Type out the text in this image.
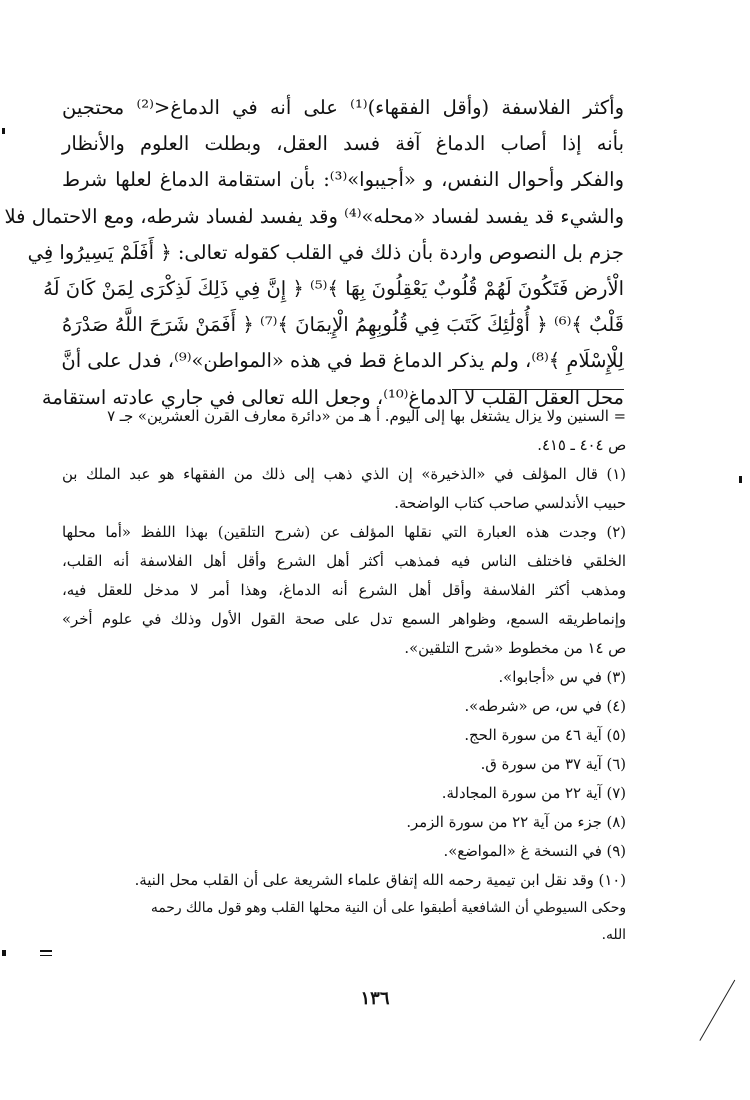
وأكثر الفلاسفة (وأقل الفقهاء)⁽¹⁾ على أنه في الدماغ<⁽²⁾ محتجين
بأنه إذا أصاب الدماغ آفة فسد العقل، وبطلت العلوم والأنظار
والفكر وأحوال النفس، و «أجيبوا»⁽³⁾: بأن استقامة الدماغ لعلها شرط
والشيء قد يفسد لفساد «محله»⁽⁴⁾ وقد يفسد لفساد شرطه، ومع الاحتمال فلا
جزم بل النصوص واردة بأن ذلك في القلب كقوله تعالى: ﴿ أَفَلَمْ يَسِيرُوا فِي
الْأرض فَتَكُونَ لَهُمْ قُلُوبٌ يَعْقِلُونَ بِهَا ﴾⁽⁵⁾ ﴿ إِنَّ فِي ذَلِكَ لَذِكْرَى لِمَنْ كَانَ لَهُ
قَلْبٌ ﴾⁽⁶⁾ ﴿ أُوْلَٰئِكَ كَتَبَ فِي قُلُوبِهِمُ الْإِيمَانَ ﴾⁽⁷⁾ ﴿ أَفَمَنْ شَرَحَ اللَّهُ صَدْرَهُ
لِلْإِسْلَامِ ﴾⁽⁸⁾، ولم يذكر الدماغ قط في هذه «المواطن»⁽⁹⁾، فدل على أنَّ
محل العقل القلب لا الدماغ⁽¹⁰⁾، وجعل الله تعالى في جاري عادته استقامة
= السنين ولا يزال يشتغل بها إلى اليوم. أ هـ من «دائرة معارف القرن العشرين» جـ ٧
ص ٤٠٤ ـ ٤١٥.
(١) قال المؤلف في «الذخيرة» إن الذي ذهب إلى ذلك من الفقهاء هو عبد الملك بن
حبيب الأندلسي صاحب كتاب الواضحة.
(٢) وجدت هذه العبارة التي نقلها المؤلف عن (شرح التلقين) بهذا اللفظ «أما محلها
الخلقي فاختلف الناس فيه فمذهب أكثر أهل الشرع وأقل أهل الفلاسفة أنه القلب،
ومذهب أكثر الفلاسفة وأقل أهل الشرع أنه الدماغ، وهذا أمر لا مدخل للعقل فيه،
وإنماطريقه السمع، وظواهر السمع تدل على صحة القول الأول وذلك في علوم أخر»
ص ١٤ من مخطوط «شرح التلقين».
(٣) في س «أجابوا».
(٤) في س، ص «شرطه».
(٥) آية ٤٦ من سورة الحج.
(٦) آية ٣٧ من سورة ق.
(٧) آية ٢٢ من سورة المجادلة.
(٨) جزء من آية ٢٢ من سورة الزمر.
(٩) في النسخة غ «المواضع».
(١٠) وقد نقل ابن تيمية رحمه الله إتفاق علماء الشريعة على أن القلب محل النية.
وحكى السيوطي أن الشافعية أطبقوا على أن النية محلها القلب وهو قول مالك رحمه
الله.
١٣٦
